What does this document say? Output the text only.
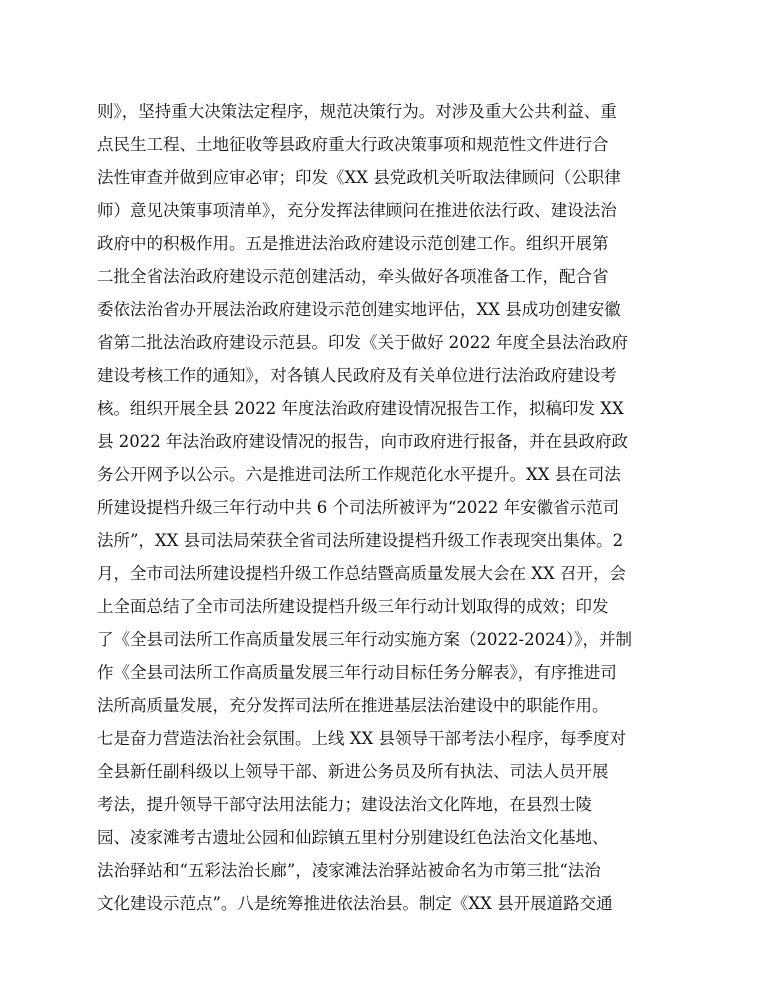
则》，坚持重大决策法定程序，规范决策行为。对涉及重大公共利益、重
点民生工程、土地征收等县政府重大行政决策事项和规范性文件进行合
法性审查并做到应审必审；印发《XX 县党政机关听取法律顾问（公职律
师）意见决策事项清单》，充分发挥法律顾问在推进依法行政、建设法治
政府中的积极作用。五是推进法治政府建设示范创建工作。组织开展第
二批全省法治政府建设示范创建活动，牵头做好各项准备工作，配合省
委依法治省办开展法治政府建设示范创建实地评估，XX 县成功创建安徽
省第二批法治政府建设示范县。印发《关于做好 2022 年度全县法治政府
建设考核工作的通知》，对各镇人民政府及有关单位进行法治政府建设考
核。组织开展全县 2022 年度法治政府建设情况报告工作，拟稿印发 XX
县 2022 年法治政府建设情况的报告，向市政府进行报备，并在县政府政
务公开网予以公示。六是推进司法所工作规范化水平提升。XX 县在司法
所建设提档升级三年行动中共 6 个司法所被评为“2022 年安徽省示范司
法所”，XX 县司法局荣获全省司法所建设提档升级工作表现突出集体。2
月，全市司法所建设提档升级工作总结暨高质量发展大会在 XX 召开，会
上全面总结了全市司法所建设提档升级三年行动计划取得的成效；印发
了《全县司法所工作高质量发展三年行动实施方案（2022-2024）》，并制
作《全县司法所工作高质量发展三年行动目标任务分解表》，有序推进司
法所高质量发展，充分发挥司法所在推进基层法治建设中的职能作用。
七是奋力营造法治社会氛围。上线 XX 县领导干部考法小程序，每季度对
全县新任副科级以上领导干部、新进公务员及所有执法、司法人员开展
考法，提升领导干部守法用法能力；建设法治文化阵地，在县烈士陵
园、凌家滩考古遗址公园和仙踪镇五里村分别建设红色法治文化基地、
法治驿站和“五彩法治长廊”，凌家滩法治驿站被命名为市第三批“法治
文化建设示范点”。八是统筹推进依法治县。制定《XX 县开展道路交通
